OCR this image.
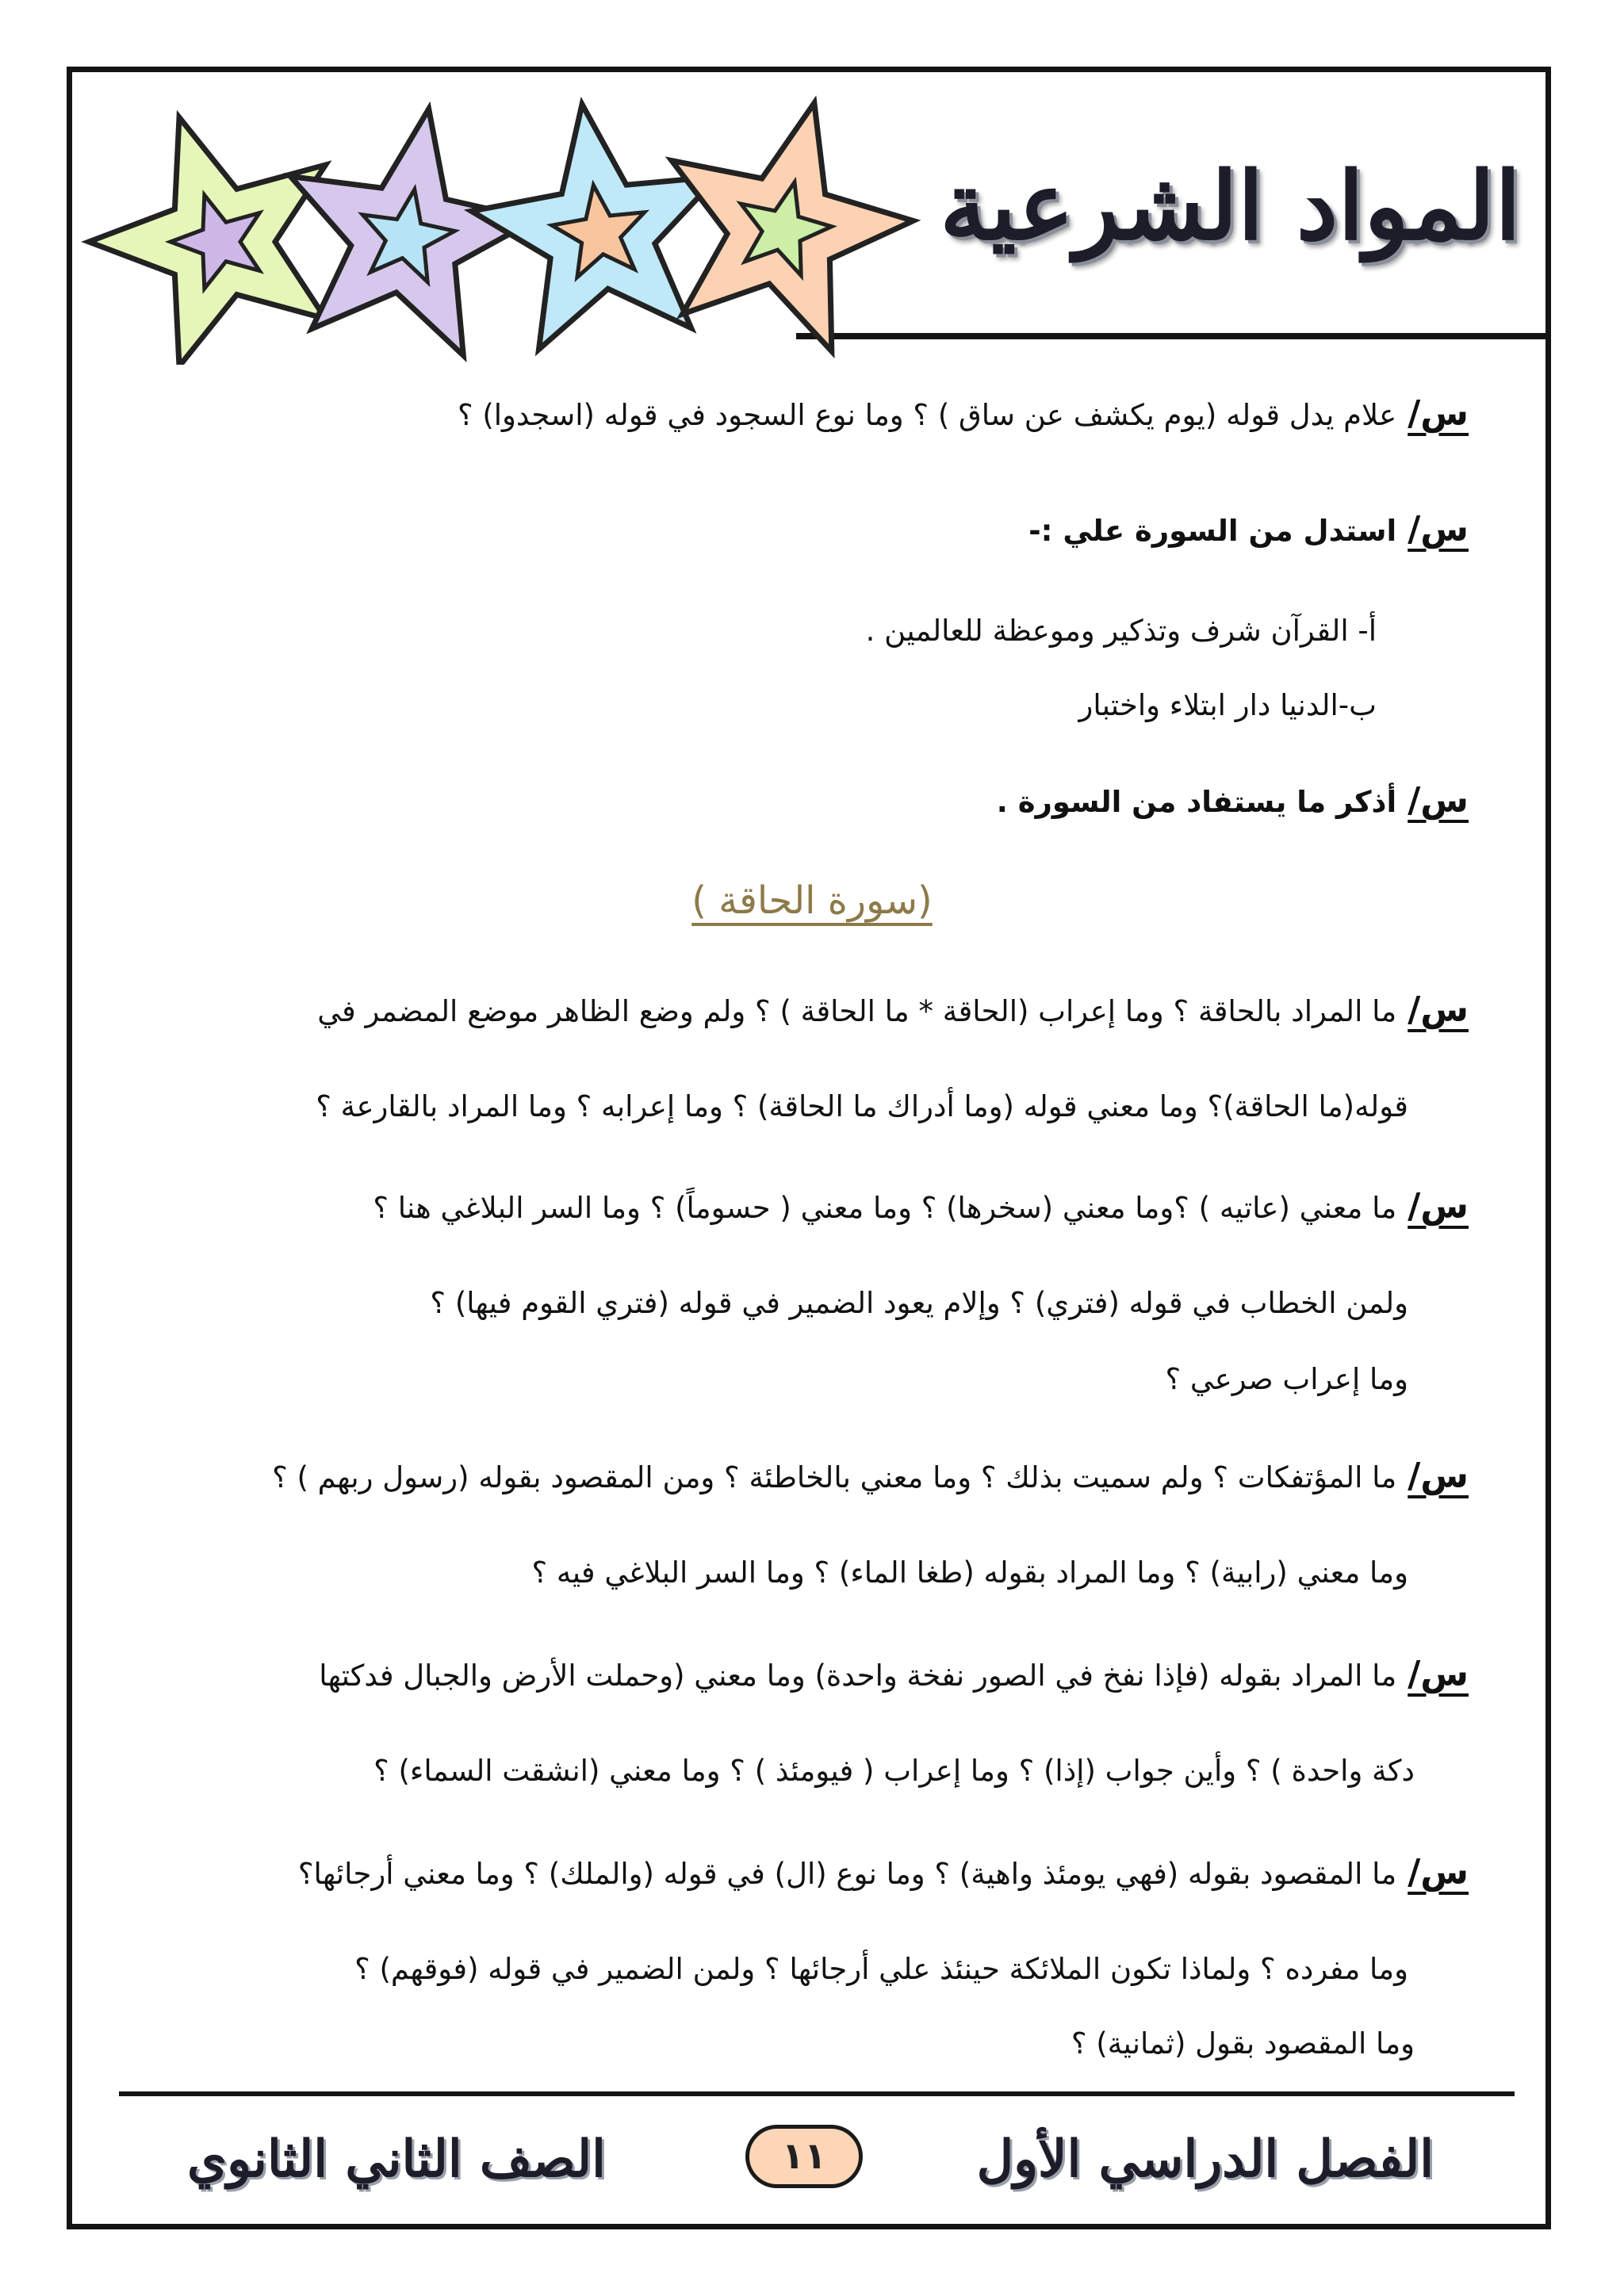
المواد الشرعية
س/علام يدل قوله (يوم يكشف عن ساق ) ؟ وما نوع السجود في قوله (اسجدوا) ؟
س/استدل من السورة علي :-
أ- القرآن شرف وتذكير وموعظة للعالمين .
ب-الدنيا دار ابتلاء واختبار
س/أذكر ما يستفاد من السورة .
(سورة الحاقة )
س/ما المراد بالحاقة ؟ وما إعراب (الحاقة * ما الحاقة ) ؟ ولم وضع الظاهر موضع المضمر في
قوله(ما الحاقة)؟ وما معني قوله (وما أدراك ما الحاقة) ؟ وما إعرابه ؟ وما المراد بالقارعة ؟
س/ما معني (عاتيه ) ؟وما معني (سخرها) ؟ وما معني ( حسوماً) ؟ وما السر البلاغي هنا ؟
ولمن الخطاب في قوله (فتري) ؟ وإلام يعود الضمير في قوله (فتري القوم فيها) ؟
وما إعراب صرعي ؟
س/ما المؤتفكات ؟ ولم سميت بذلك ؟ وما معني بالخاطئة ؟ ومن المقصود بقوله (رسول ربهم ) ؟
وما معني (رابية) ؟ وما المراد بقوله (طغا الماء) ؟ وما السر البلاغي فيه ؟
س/ما المراد بقوله (فإذا نفخ في الصور نفخة واحدة) وما معني (وحملت الأرض والجبال فدكتها
دكة واحدة ) ؟ وأين جواب (إذا) ؟ وما إعراب ( فيومئذ ) ؟ وما معني (انشقت السماء) ؟
س/ما المقصود بقوله (فهي يومئذ واهية) ؟ وما نوع (ال) في قوله (والملك) ؟ وما معني أرجائها؟
وما مفرده ؟ ولماذا تكون الملائكة حينئذ علي أرجائها ؟ ولمن الضمير في قوله (فوقهم) ؟
وما المقصود بقول (ثمانية) ؟
الفصل الدراسي الأول
١١
الصف الثاني الثانوي
